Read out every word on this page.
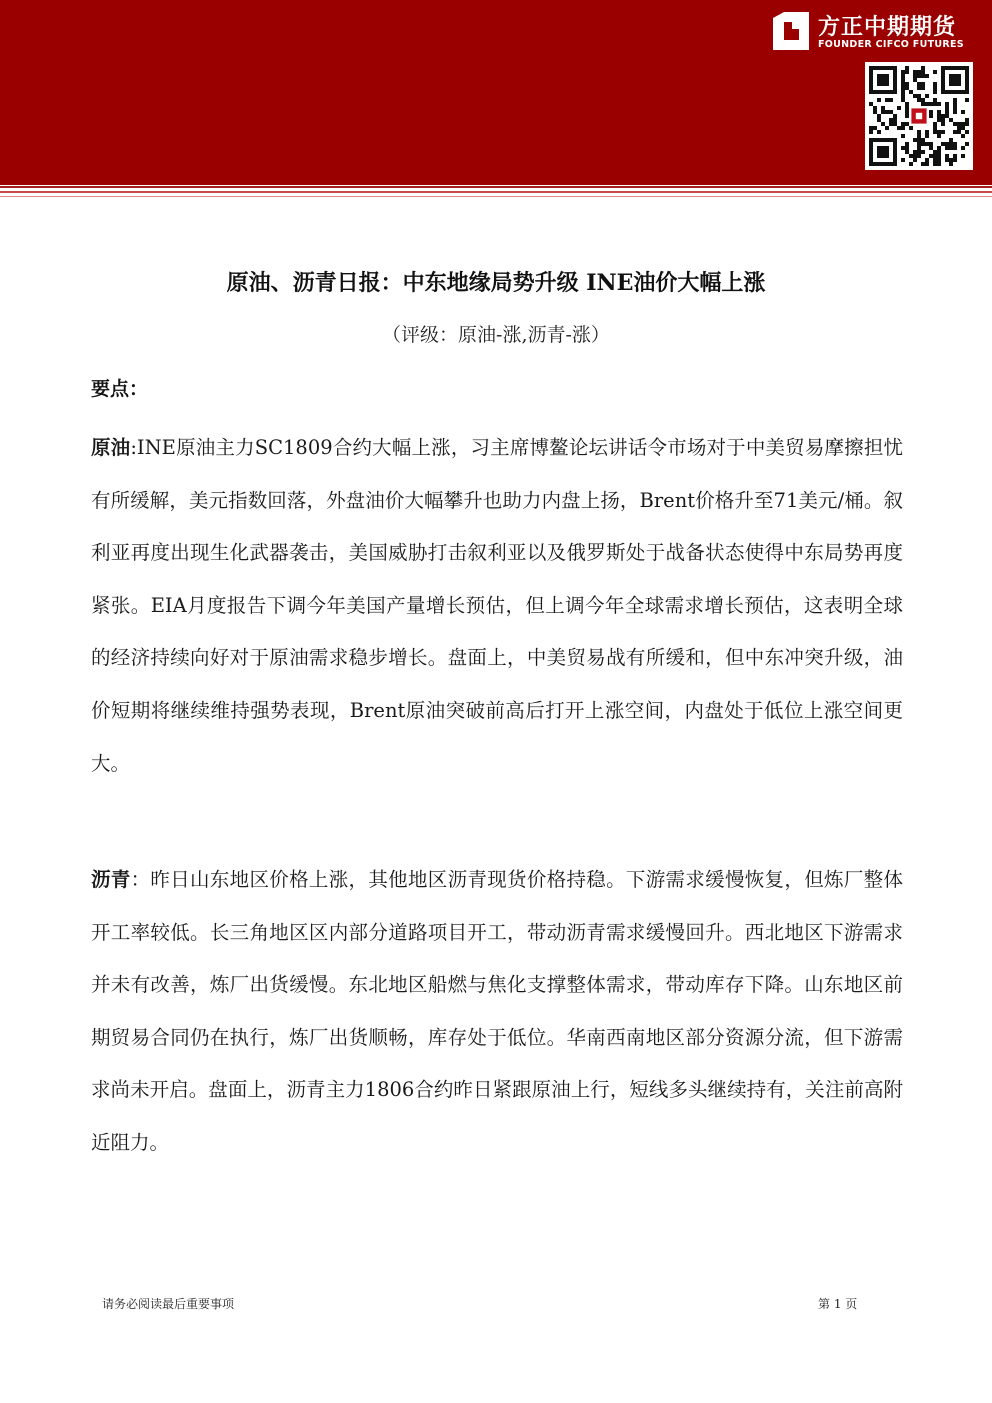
方正中期期货
FOUNDER CIFCO FUTURES
原油、沥青日报：中东地缘局势升级 INE油价大幅上涨
（评级：原油-涨,沥青-涨）
要点：
原油:INE原油主力SC1809合约大幅上涨，习主席博鳌论坛讲话令市场对于中美贸易摩擦担忧有所缓解，美元指数回落，外盘油价大幅攀升也助力内盘上扬，Brent价格升至71美元/桶。叙利亚再度出现生化武器袭击，美国威胁打击叙利亚以及俄罗斯处于战备状态使得中东局势再度紧张。EIA月度报告下调今年美国产量增长预估，但上调今年全球需求增长预估，这表明全球的经济持续向好对于原油需求稳步增长。盘面上，中美贸易战有所缓和，但中东冲突升级，油价短期将继续维持强势表现，Brent原油突破前高后打开上涨空间，内盘处于低位上涨空间更大。
沥青：昨日山东地区价格上涨，其他地区沥青现货价格持稳。下游需求缓慢恢复，但炼厂整体开工率较低。长三角地区区内部分道路项目开工，带动沥青需求缓慢回升。西北地区下游需求并未有改善，炼厂出货缓慢。东北地区船燃与焦化支撑整体需求，带动库存下降。山东地区前期贸易合同仍在执行，炼厂出货顺畅，库存处于低位。华南西南地区部分资源分流，但下游需求尚未开启。盘面上，沥青主力1806合约昨日紧跟原油上行，短线多头继续持有，关注前高附近阻力。
请务必阅读最后重要事项	第 1 页
